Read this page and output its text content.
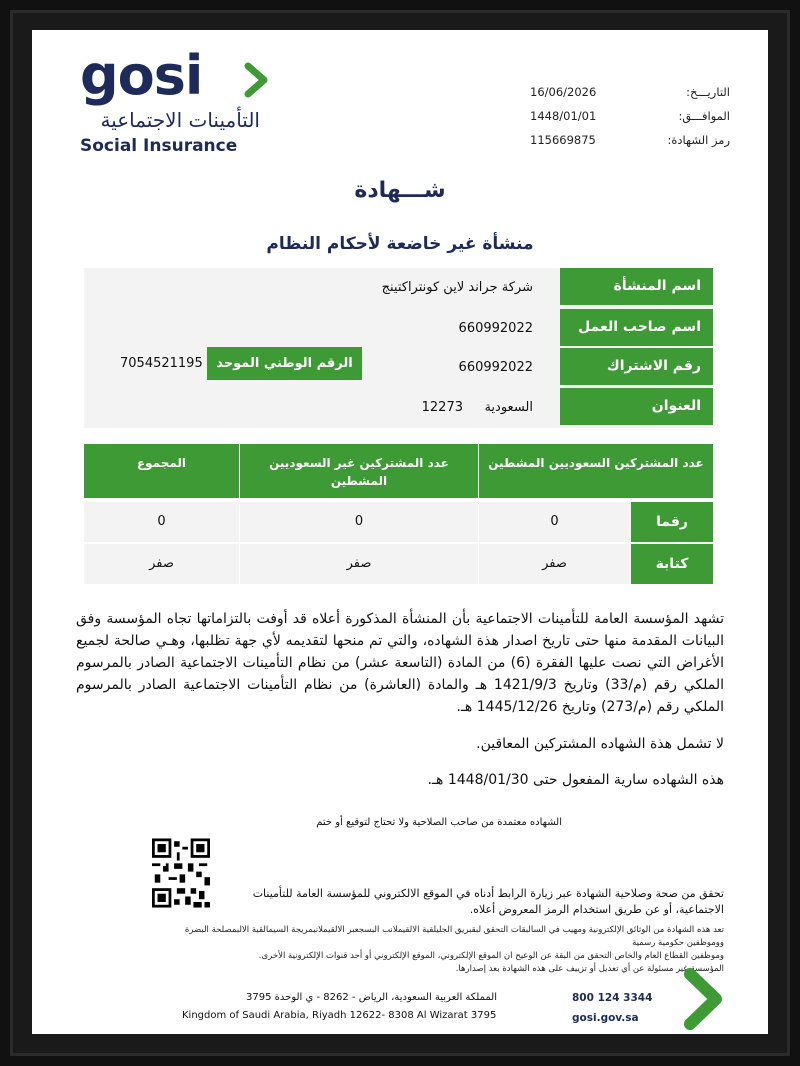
gosi
التأمينات الاجتماعية
Social Insurance
التاريـــخ:
16/06/2026
الموافـــق:
1448/01/01
رمز الشهادة:
115669875
شـــهادة
منشأة غير خاضعة لأحكام النظام
اسم المنشأة
اسم صاحب العمل
رقم الاشتراك
العنوان
شركة جراند لاين كونتراكتينج
660992022
660992022
الرقم الوطني الموحد
7054521195
السعودية
12273
عدد المشتركين السعوديين المشطين
عدد المشتركين غير السعوديين المشطين
المجموع
رقما
0
0
0
كتابة
صفر
صفر
صفر
تشهد المؤسسة العامة للتأمينات الاجتماعية بأن المنشأة المذكورة أعلاه قد أوفت بالتزاماتها تجاه المؤسسة وفق البيانات المقدمة منها حتى تاريخ اصدار هذة الشهاده، والتي تم منحها لتقديمه لأي جهة تظلبها، وهـي صالحة لجميع الأغراض التي نصت عليها الفقرة (6) من المادة (التاسعة عشر) من نظام التأمينات الاجتماعية الصادر بالمرسوم الملكي رقم (م/33) وتاريخ 1421/9/3 هـ والمادة (العاشرة) من نظام التأمينات الاجتماعية الصادر بالمرسوم الملكي رقم (م/273) وتاريخ 1445/12/26 هـ.
لا تشمل هذة الشهاده المشتركين المعاقين.
هذه الشهاده سارية المفعول حتى 1448/01/30 هـ.
الشهاده معتمدة من صاحب الصلاحية ولا تحتاج لتوقيع أو ختم
تحقق من صحة وصلاحية الشهادة عبر زيارة الرابط أدناه في الموقع الالكتروني للمؤسسة العامة للتأمينات الاجتماعية، أو عن طريق استخدام الرمز المعروض أعلاه.
تعد هذه الشهادة من الوثائق الإلكترونية ومهيب في السالبقات التحقق لبقبريق الجليلقية الالقيملانب البسجعبر الالقيملانبمريجة السيمالقية الالبمصلحة البضرة ووموظفين حكومية رسمية
وموظفين القطاع العام والخاص التحقق من البقة عن الوعيح ان الموقع الإلكتروني، الموقع الإلكتروني أو أحد قنوات الإلكترونية الأخرى.
المؤسسة غير مسئولة عن أي تعديل أو تزييف على هذه الشهادة بعد إصدارها.
المملكة العربية السعودية، الرياض - 8262 - ي الوحدة 3795
Kingdom of Saudi Arabia, Riyadh 12622- 8308 Al Wizarat 3795
800 124 3344
gosi.gov.sa
